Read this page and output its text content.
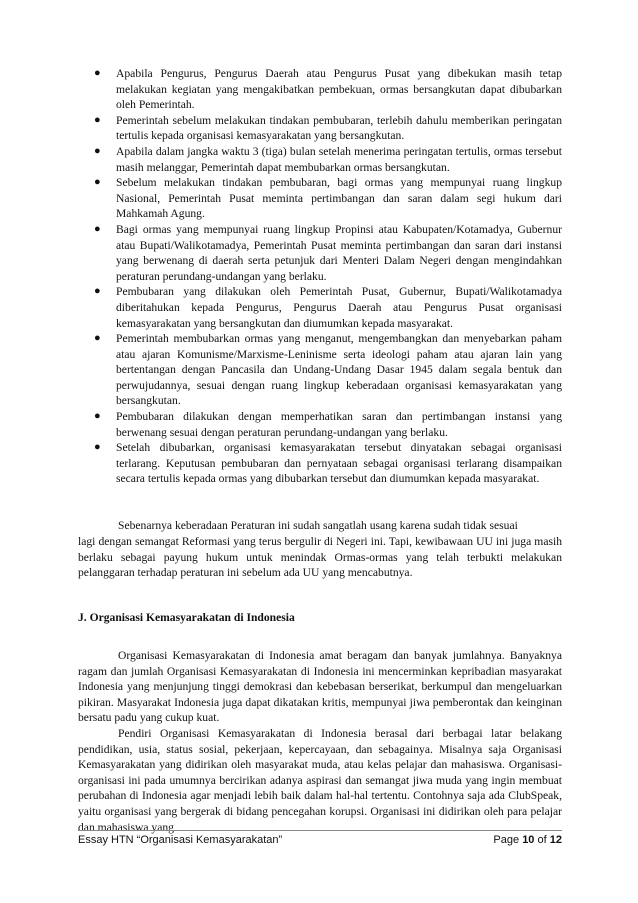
● Apabila Pengurus, Pengurus Daerah atau Pengurus Pusat yang dibekukan masih tetap melakukan kegiatan yang mengakibatkan pembekuan, ormas bersangkutan dapat dibubarkan oleh Pemerintah.
● Pemerintah sebelum melakukan tindakan pembubaran, terlebih dahulu memberikan peringatan tertulis kepada organisasi kemasyarakatan yang bersangkutan.
● Apabila dalam jangka waktu 3 (tiga) bulan setelah menerima peringatan tertulis, ormas tersebut masih melanggar, Pemerintah dapat membubarkan ormas bersangkutan.
● Sebelum melakukan tindakan pembubaran, bagi ormas yang mempunyai ruang lingkup Nasional, Pemerintah Pusat meminta pertimbangan dan saran dalam segi hukum dari Mahkamah Agung.
● Bagi ormas yang mempunyai ruang lingkup Propinsi atau Kabupaten/Kotamadya, Gubernur atau Bupati/Walikotamadya, Pemerintah Pusat meminta pertimbangan dan saran dari instansi yang berwenang di daerah serta petunjuk dari Menteri Dalam Negeri dengan mengindahkan peraturan perundang-undangan yang berlaku.
● Pembubaran yang dilakukan oleh Pemerintah Pusat, Gubernur, Bupati/Walikotamadya diberitahukan kepada Pengurus, Pengurus Daerah atau Pengurus Pusat organisasi kemasyarakatan yang bersangkutan dan diumumkan kepada masyarakat.
● Pemerintah membubarkan ormas yang menganut, mengembangkan dan menyebarkan paham atau ajaran Komunisme/Marxisme-Leninisme serta ideologi paham atau ajaran lain yang bertentangan dengan Pancasila dan Undang-Undang Dasar 1945 dalam segala bentuk dan perwujudannya, sesuai dengan ruang lingkup keberadaan organisasi kemasyarakatan yang bersangkutan.
● Pembubaran dilakukan dengan memperhatikan saran dan pertimbangan instansi yang berwenang sesuai dengan peraturan perundang-undangan yang berlaku.
● Setelah dibubarkan, organisasi kemasyarakatan tersebut dinyatakan sebagai organisasi terlarang. Keputusan pembubaran dan pernyataan sebagai organisasi terlarang disampaikan secara tertulis kepada ormas yang dibubarkan tersebut dan diumumkan kepada masyarakat.
Sebenarnya keberadaan Peraturan ini sudah sangatlah usang karena sudah tidak sesuai
lagi dengan semangat Reformasi yang terus bergulir di Negeri ini. Tapi, kewibawaan UU ini juga masih berlaku sebagai payung hukum untuk menindak Ormas-ormas yang telah terbukti melakukan pelanggaran terhadap peraturan ini sebelum ada UU yang mencabutnya.
J. Organisasi Kemasyarakatan di Indonesia
Organisasi Kemasyarakatan di Indonesia amat beragam dan banyak jumlahnya. Banyaknya ragam dan jumlah Organisasi Kemasyarakatan di Indonesia ini mencerminkan kepribadian masyarakat Indonesia yang menjunjung tinggi demokrasi dan kebebasan berserikat, berkumpul dan mengeluarkan pikiran. Masyarakat Indonesia juga dapat dikatakan kritis, mempunyai jiwa pemberontak dan keinginan bersatu padu yang cukup kuat.
Pendiri Organisasi Kemasyarakatan di Indonesia berasal dari berbagai latar belakang pendidikan, usia, status sosial, pekerjaan, kepercayaan, dan sebagainya. Misalnya saja Organisasi Kemasyarakatan yang didirikan oleh masyarakat muda, atau kelas pelajar dan mahasiswa. Organisasi-organisasi ini pada umumnya bercirikan adanya aspirasi dan semangat jiwa muda yang ingin membuat perubahan di Indonesia agar menjadi lebih baik dalam hal-hal tertentu. Contohnya saja ada ClubSpeak, yaitu organisasi yang bergerak di bidang pencegahan korupsi. Organisasi ini didirikan oleh para pelajar dan mahasiswa yang
Essay HTN “Organisasi Kemasyarakatan”	Page 10 of 12
